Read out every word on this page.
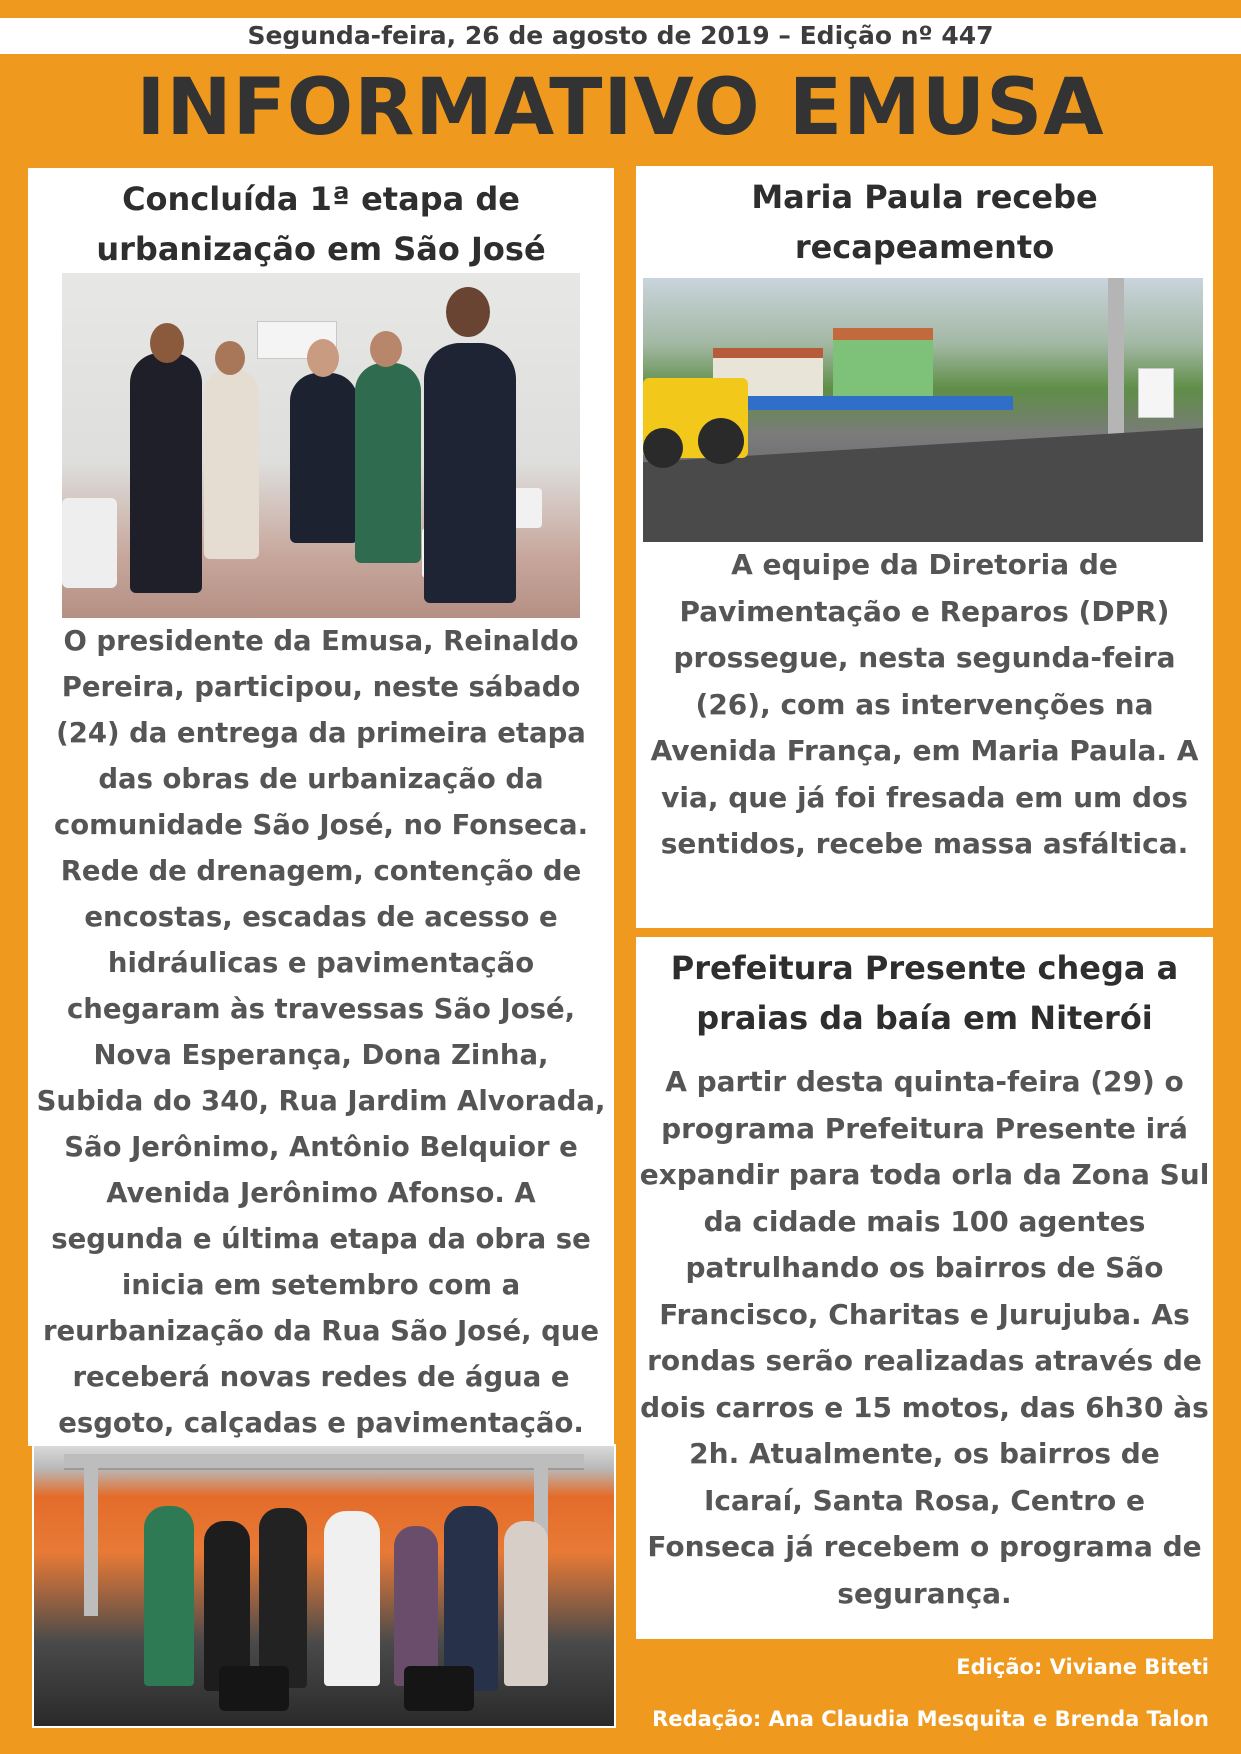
Segunda-feira, 26 de agosto de 2019 – Edição nº 447
INFORMATIVO EMUSA
Concluída 1ª etapa de
urbanização em São José

O presidente da Emusa, Reinaldo Pereira, participou, neste sábado (24) da entrega da primeira etapa das obras de urbanização da comunidade São José, no Fonseca. Rede de drenagem, contenção de encostas, escadas de acesso e hidráulicas e pavimentação chegaram às travessas São José, Nova Esperança, Dona Zinha, Subida do 340, Rua Jardim Alvorada, São Jerônimo, Antônio Belquior e Avenida Jerônimo Afonso. A segunda e última etapa da obra se inicia em setembro com a reurbanização da Rua São José, que receberá novas redes de água e esgoto, calçadas e pavimentação.

Maria Paula recebe
recapeamento

A equipe da Diretoria de Pavimentação e Reparos (DPR) prossegue, nesta segunda-feira (26), com as intervenções na Avenida França, em Maria Paula. A via, que já foi fresada em um dos sentidos, recebe massa asfáltica.

Prefeitura Presente chega a
praias da baía em Niterói

A partir desta quinta-feira (29) o programa Prefeitura Presente irá expandir para toda orla da Zona Sul da cidade mais 100 agentes patrulhando os bairros de São Francisco, Charitas e Jurujuba. As rondas serão realizadas através de dois carros e 15 motos, das 6h30 às 2h. Atualmente, os bairros de Icaraí, Santa Rosa, Centro e Fonseca já recebem o programa de segurança.

Edição: Viviane Biteti
Redação: Ana Claudia Mesquita e Brenda Talon
